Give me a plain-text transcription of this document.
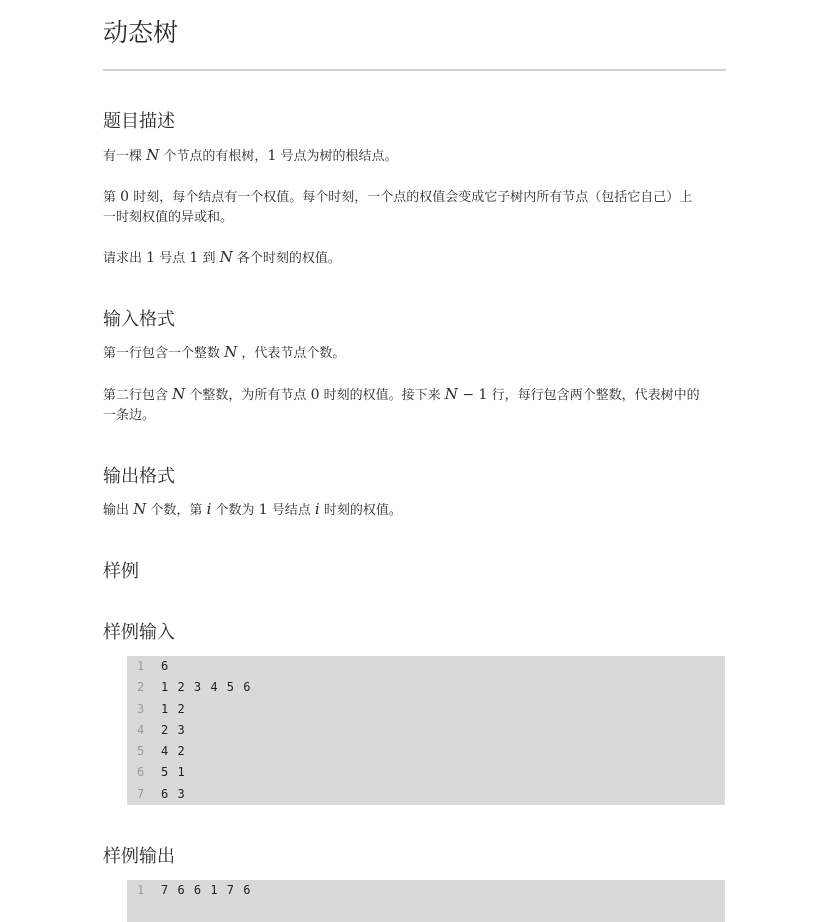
动态树
题目描述

有一棵 N 个节点的有根树，1 号点为树的根结点。

第 0 时刻，每个结点有一个权值。每个时刻，一个点的权值会变成它子树内所有节点（包括它自己）上
一时刻权值的异或和。

请求出 1 号点 1 到 N 各个时刻的权值。

输入格式

第一行包含一个整数 N ，代表节点个数。

第二行包含 N 个整数，为所有节点 0 时刻的权值。接下来 N − 1 行，每行包含两个整数，代表树中的
一条边。

输出格式

输出 N 个数，第 i 个数为 1 号结点 i 时刻的权值。

样例
样例输入
1	6
2	1 2 3 4 5 6
3	1 2
4	2 3
5	4 2
6	5 1
7	6 3
样例输出
1	7 6 6 1 7 6
